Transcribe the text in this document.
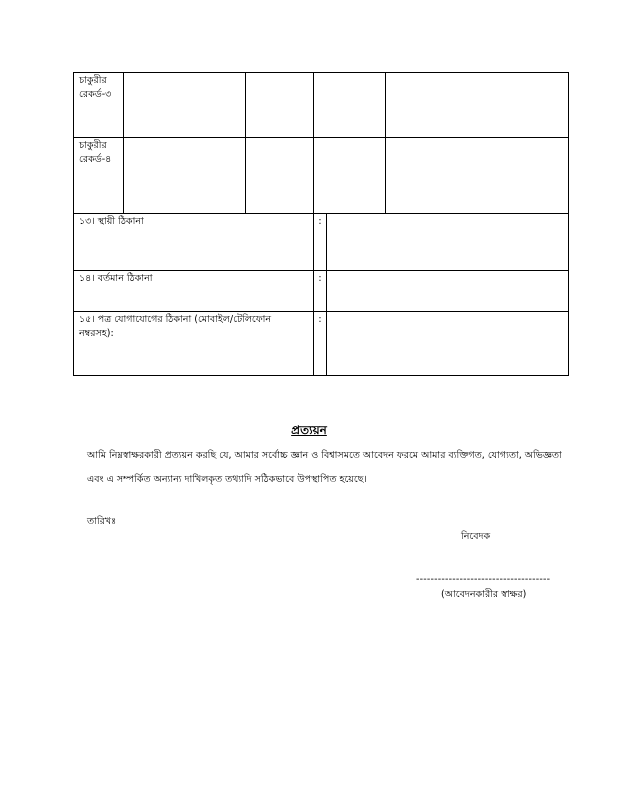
চাকুরীর রেকর্ড-৩				
চাকুরীর রেকর্ড-৪				
১৩। স্থায়ী ঠিকানা	:	
১৪। বর্তমান ঠিকানা	:	
১৫। পত্র যোগাযোগের ঠিকানা (মোবাইল/টেলিফোন নম্বরসহ):	:	
প্রত্যয়ন

আমি নিম্নস্বাক্ষরকারী প্রত্যয়ন করছি যে, আমার সর্বোচ্চ জ্ঞান ও বিশ্বাসমতে আবেদন ফরমে আমার ব্যক্তিগত, যোগ্যতা, অভিজ্ঞতা এবং এ সম্পর্কিত অন্যান্য দাখিলকৃত তথ্যাদি সঠিকভাবে উপস্থাপিত হয়েছে।

তারিখঃ
নিবেদক
-------------------------------------
(আবেদনকারীর স্বাক্ষর)
